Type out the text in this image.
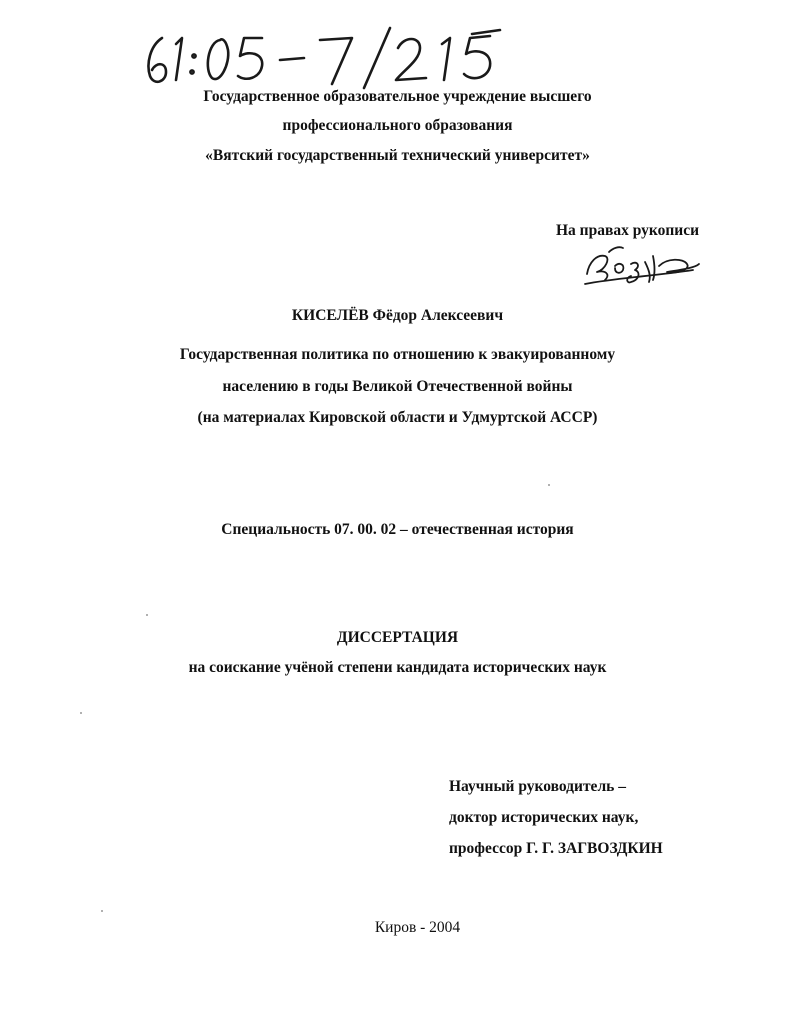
Государственное образовательное учреждение высшего
профессионального образования
«Вятский государственный технический университет»
На правах рукописи
КИСЕЛЁВ Фёдор Алексеевич
Государственная политика по отношению к эвакуированному
населению в годы Великой Отечественной войны
(на материалах Кировской области и Удмуртской АССР)
Специальность 07. 00. 02 – отечественная история
ДИССЕРТАЦИЯ
на соискание учёной степени кандидата исторических наук
Научный руководитель –
доктор исторических наук,
профессор Г. Г. ЗАГВОЗДКИН
Киров - 2004
